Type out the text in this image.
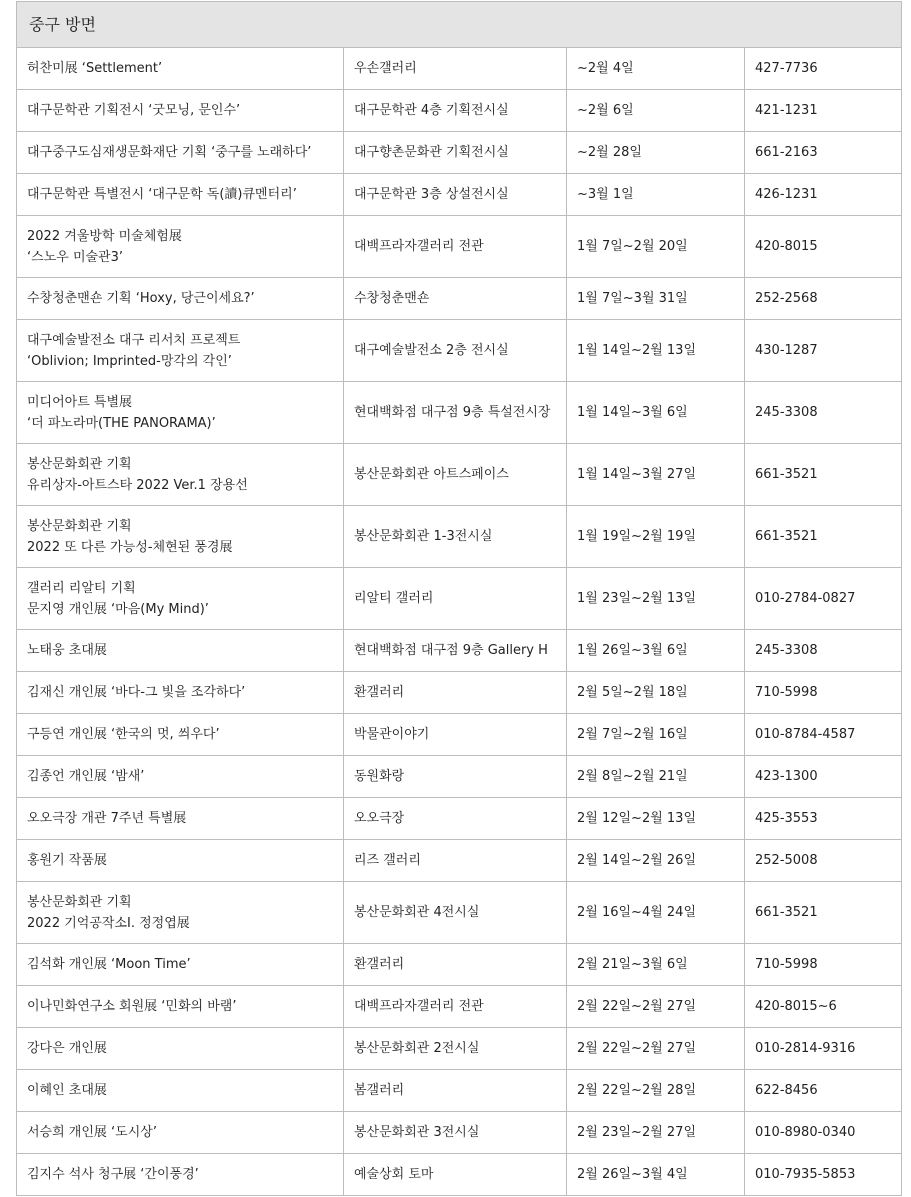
중구 방면			

허찬미展 ‘Settlement’	우손갤러리	~2월 4일	427-7736

대구문학관 기획전시 ‘굿모닝, 문인수’	대구문학관 4층 기획전시실	~2월 6일	421-1231

대구중구도심재생문화재단 기획 ‘중구를 노래하다’	대구향촌문화관 기획전시실	~2월 28일	661-2163

대구문학관 특별전시 ‘대구문학 독(讀)큐멘터리’	대구문학관 3층 상설전시실	~3월 1일	426-1231

2022 겨울방학 미술체험展
‘스노우 미술관3’	대백프라자갤러리 전관	1월 7일~2월 20일	420-8015

수창청춘맨숀 기획 ‘Hoxy, 당근이세요?’	수창청춘맨숀	1월 7일~3월 31일	252-2568

대구예술발전소 대구 리서치 프로젝트
‘Oblivion; Imprinted-망각의 각인’	대구예술발전소 2층 전시실	1월 14일~2월 13일	430-1287

미디어아트 특별展
‘더 파노라마(THE PANORAMA)’	현대백화점 대구점 9층 특설전시장	1월 14일~3월 6일	245-3308

봉산문화회관 기획
유리상자-아트스타 2022 Ver.1 장용선	봉산문화회관 아트스페이스	1월 14일~3월 27일	661-3521

봉산문화회관 기획
2022 또 다른 가능성-체현된 풍경展	봉산문화회관 1-3전시실	1월 19일~2월 19일	661-3521

갤러리 리알티 기획
문지영 개인展 ‘마음(My Mind)’	리알티 갤러리	1월 23일~2월 13일	010-2784-0827

노태웅 초대展	현대백화점 대구점 9층 Gallery H	1월 26일~3월 6일	245-3308

김재신 개인展 ‘바다-그 빛을 조각하다’	환갤러리	2월 5일~2월 18일	710-5998

구등연 개인展 ‘한국의 멋, 씌우다’	박물관이야기	2월 7일~2월 16일	010-8784-4587

김종언 개인展 ‘밤새’	동원화랑	2월 8일~2월 21일	423-1300

오오극장 개관 7주년 특별展	오오극장	2월 12일~2월 13일	425-3553

홍원기 작품展	리즈 갤러리	2월 14일~2월 26일	252-5008

봉산문화회관 기획
2022 기억공작소Ⅰ. 정정엽展	봉산문화회관 4전시실	2월 16일~4월 24일	661-3521

김석화 개인展 ‘Moon Time’	환갤러리	2월 21일~3월 6일	710-5998

이나민화연구소 회원展 ‘민화의 바램’	대백프라자갤러리 전관	2월 22일~2월 27일	420-8015~6

강다은 개인展	봉산문화회관 2전시실	2월 22일~2월 27일	010-2814-9316

이혜인 초대展	봄갤러리	2월 22일~2월 28일	622-8456

서승희 개인展 ‘도시상’	봉산문화회관 3전시실	2월 23일~2월 27일	010-8980-0340

김지수 석사 청구展 ‘간이풍경’	예술상회 토마	2월 26일~3월 4일	010-7935-5853
